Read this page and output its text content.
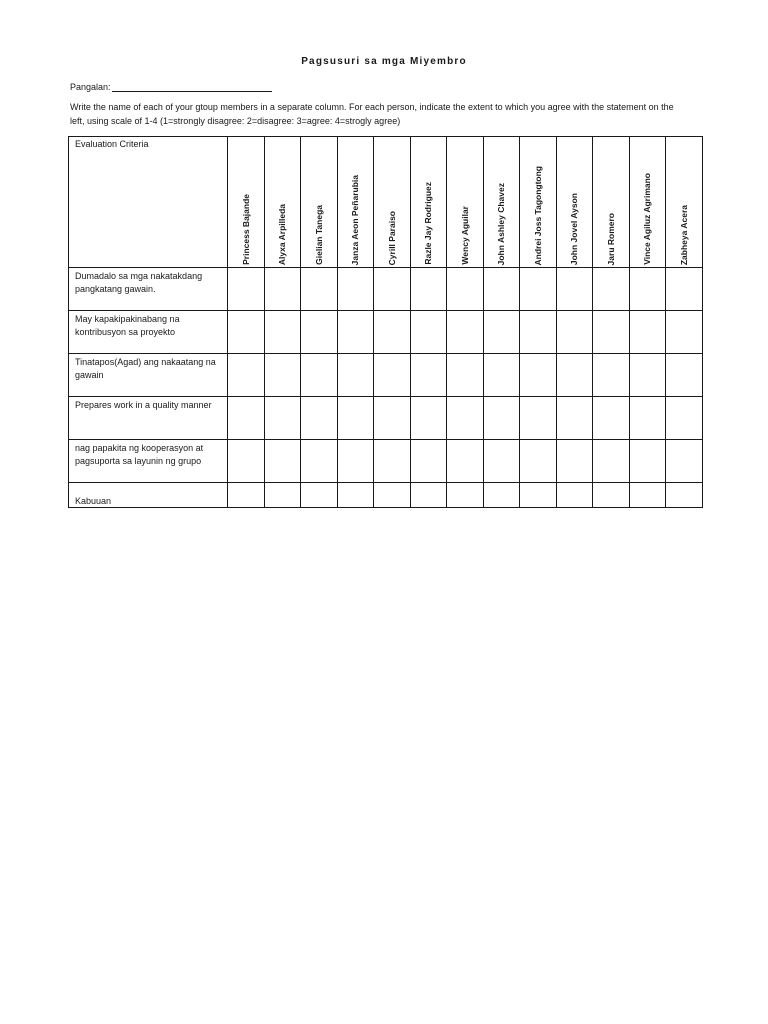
Pagsusuri sa mga Miyembro
Pangalan:
Write the name of each of your gtoup members in a separate column. For each person, indicate the extent to which you agree with the statement on the left, using scale of 1-4 (1=strongly disagree: 2=disagree: 3=agree: 4=strogly agree)
Evaluation Criteria	Princess Bajande	Alyxa Arpilleda	Gielian Tanega	Janza Aeon Peñarubia	Cyrill Paraiso	Razle Jay Rodriguez	Wency Aguilar	John Ashley Chavez	Andrei Joss Tagongtong	John Jovel Ayson	Jaru Romero	Vince Agiluz Agrimano	Zabheya Acera

Dumadalo sa mga nakatakdang pangkatang gawain.													
May kapakipakinabang na kontribusyon sa proyekto													
Tinatapos(Agad) ang nakaatang na gawain													
Prepares work in a quality manner													
nag papakita ng kooperasyon at pagsuporta sa layunin ng grupo													
Kabuuan													
